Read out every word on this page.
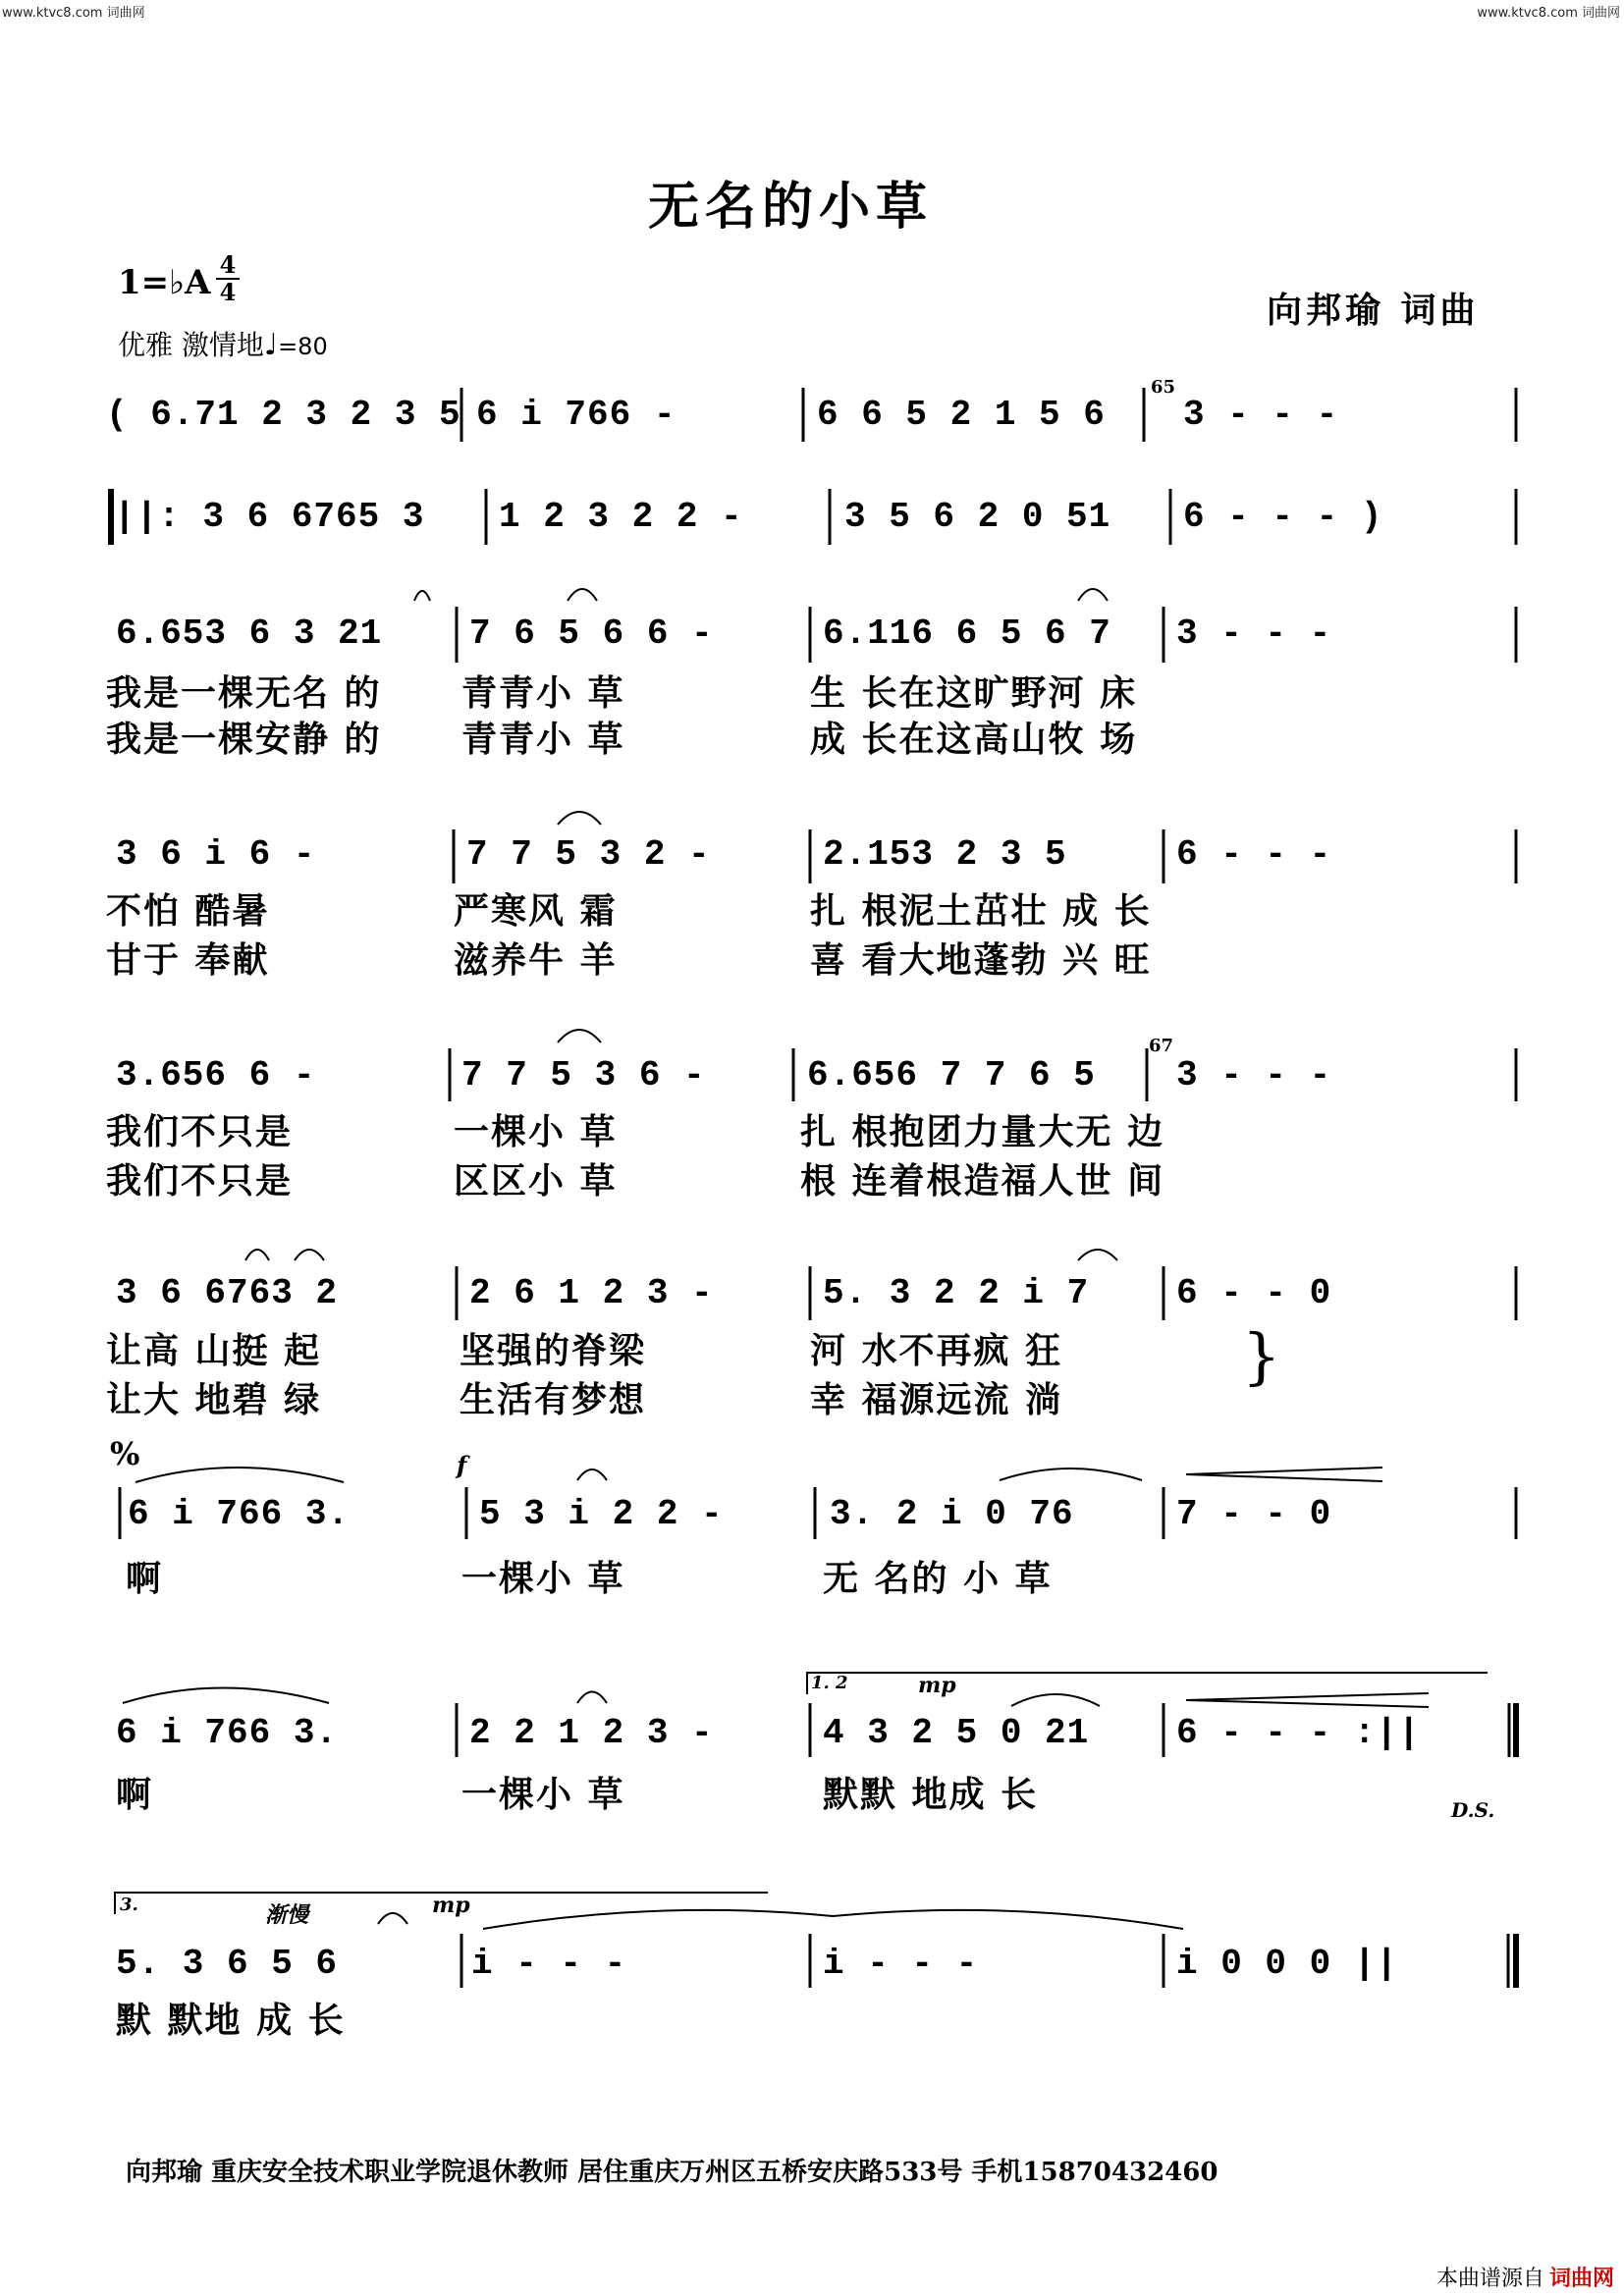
www.ktvc8.com 词曲网	www.ktvc8.com 词曲网
无名的小草
1=♭A 4
4
优雅 激情地♩=80
向邦瑜 词曲
( 6.71 2 3 2 3 5 6 i 766 -	6 6 5 2 1 5 6 3 - - -
65
||: 3 6 6765 3 1 2 3 2 2 -	3 5 6 2 0 51 6 - - - )
6.653 6 3 21 7 6 5 6 6 -	6.116 6 5 6 7 3 - - -
我是一棵无名 的 青青小 草	生 长在这旷野河 床
我是一棵安静 的 青青小 草	成 长在这高山牧 场
3 6 i 6 -	7 7 5 3 2 -	2.153 2 3 5	6 - - -
不怕 酷暑	严寒风 霜	扎 根泥土茁壮 成 长
甘于 奉献	滋养牛 羊	喜 看大地蓬勃 兴 旺
3.656 6 -	7 7 5 3 6 -	6.656 7 7 6 5 3 - - -
67
我们不只是	一棵小 草	扎 根抱团力量大无 边
我们不只是	区区小 草	根 连着根造福人世 间
3 6 6763 2	2 6 1 2 3 -	5. 3 2 2 i 7 6 - - 0
让高 山挺 起	坚强的脊梁	河 水不再疯 狂
让大 地碧 绿	生活有梦想	幸 福源远流 淌
}
%	f
6 i 766 3.	5 3 i 2 2 -	3. 2 i 0 76	7 - - 0
啊	一棵小 草	无 名的 小 草
1. 2	mp
6 i 766 3.	2 2 1 2 3 -	4 3 2 5 0 21 6 - - - :||
啊	一棵小 草	默默 地成 长	D.S.
3.	渐慢	mp
5. 3 6 5 6	i - - -	i - - -	i 0 0 0 ||
默 默地 成 长
向邦瑜 重庆安全技术职业学院退休教师 居住重庆万州区五桥安庆路533号 手机15870432460
本曲谱源自 词曲网
